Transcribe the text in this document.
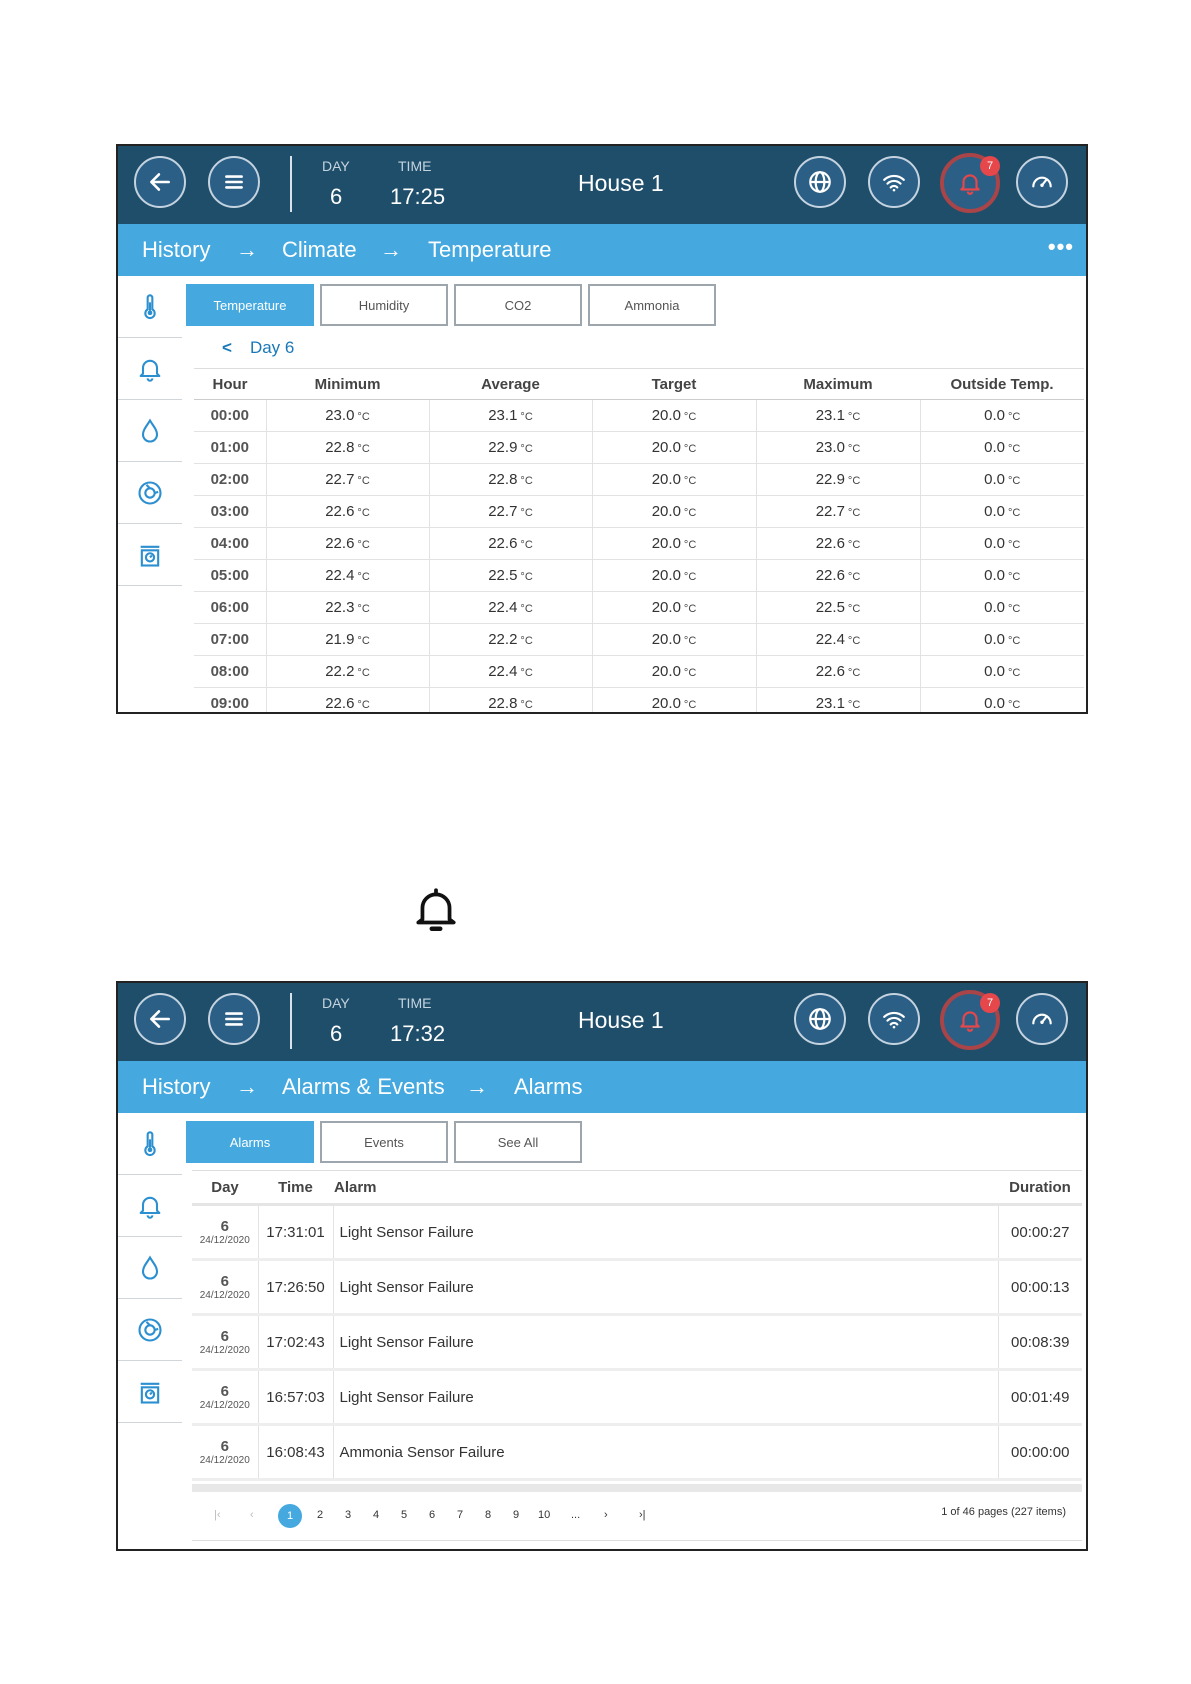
DAY
6
TIME
17:25
House 1
7
History → Climate → Temperature	•••
Temperature	Humidity	CO2	Ammonia
< Day 6
Hour	Minimum	Average	Target	Maximum	Outside Temp.
00:00	23.0 °C	23.1 °C	20.0 °C	23.1 °C	0.0 °C
01:00	22.8 °C	22.9 °C	20.0 °C	23.0 °C	0.0 °C
02:00	22.7 °C	22.8 °C	20.0 °C	22.9 °C	0.0 °C
03:00	22.6 °C	22.7 °C	20.0 °C	22.7 °C	0.0 °C
04:00	22.6 °C	22.6 °C	20.0 °C	22.6 °C	0.0 °C
05:00	22.4 °C	22.5 °C	20.0 °C	22.6 °C	0.0 °C
06:00	22.3 °C	22.4 °C	20.0 °C	22.5 °C	0.0 °C
07:00	21.9 °C	22.2 °C	20.0 °C	22.4 °C	0.0 °C
08:00	22.2 °C	22.4 °C	20.0 °C	22.6 °C	0.0 °C
09:00	22.6 °C	22.8 °C	20.0 °C	23.1 °C	0.0 °C
DAY
6
TIME
17:32
House 1
7
History → Alarms & Events → Alarms
Alarms	Events	See All
Day	Time	Alarm	Duration

6
24/12/2020	17:31:01	Light Sensor Failure	00:00:27

6
24/12/2020	17:26:50	Light Sensor Failure	00:00:13

6
24/12/2020	17:02:43	Light Sensor Failure	00:08:39

6
24/12/2020	16:57:03	Light Sensor Failure	00:01:49

6
24/12/2020	16:08:43	Ammonia Sensor Failure	00:00:00
|‹	‹	1	2 3 4 5 6 7 8 9 10 ... ›	›|	1 of 46 pages (227 items)
